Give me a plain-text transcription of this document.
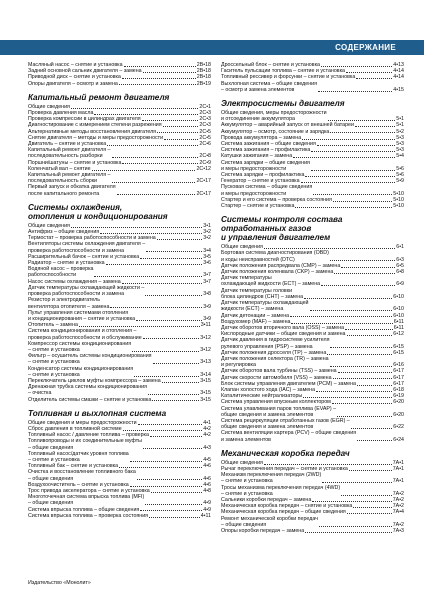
СОДЕРЖАНИЕ
Масляный насос – снятие и установка	2В•18
Задний основной сальник двигателя – замена	2В•18
Приводной диск – снятие и установка	2В•18
Опоры двигателя – осмотр и замена	2В•19
Капитальный ремонт двигателя
Общие сведения	2С•1
Проверка давления масла	2С•3
Проверка компрессии в цилиндрах двигателя	2С•3
Диагностирование с измерением степени разрежения	2С•3
Альтернативные методы восстановления двигателя	2С•5
Снятие двигателя – методы и меры предосторожности	2С•5
Двигатель – снятие и установка	2С•6
Капитальный ремонт двигателя –
последовательность разборки	2С•8
Поршни/шатуны – снятие и установка	2С•9
Коленчатый вал – снятие	2С•12
Капитальный ремонт двигателя –
последовательность сборки	2С•17
Первый запуск и обкатка двигателя
после капитального ремонта	2С•17
Системы охлаждения,
отопления и кондиционирования
Общие сведения	3•1
Антифриз – общие сведения	3•2
Термостат – проверка работоспособности и замена	3•2
Вентиляторы системы охлаждения двигателя –
проверка работоспособности и замена	3•4
Расширительный бачок – снятие и установка	3•5
Радиатор – снятие и установка	3•6
Водяной насос – проверка
работоспособности	3•7
Насос системы охлаждения – замена	3•7
Датчик температуры охлаждающей жидкости –
проверка работоспособности и замена	3•8
Резистор и электродвигатель
вентилятора отопителя – замена	3•9
Пульт управления системами отопления
и кондиционирования – снятие и установка	3•9
Отопитель – замена	3•11
Система кондиционирования и отопления –
проверка работоспособности и обслуживание	3•12
Компрессор системы кондиционирования
– снятие и установка	3•12
Фильтр – осушитель системы кондиционирования
– снятие и установка	3•13
Конденсатор системы кондиционирования
– снятие и установка	3•14
Переключатель циклов муфты компрессора – замена	3•15
Дренажная трубка системы кондиционирования
– очистка	3•15
Отделитель системы смазки – снятие и установка	3•15
Топливная и выхлопная система
Общие сведения и меры предосторожности	4•1
Сброс давления в топливной системе	4•2
Топливный насос / давление топлива – проверка	4•2
Топливопроводы и их соединительные муфты
– общие сведения	4•3
Топливный насос/датчик уровня топлива
– снятие и установка	4•5
Топливный бак – снятие и установка	4•6
Очистка и восстановление топливного бака
– общие сведения	4•6
Воздухоочиститель – снятие и установка	4•6
Трос привода акселератора – снятие и установка	4•8
Многоточечная система впрыска топлива (MFI)
– общие сведения	4•9
Система впрыска топлива – общие сведения	4•9
Система впрыска топлива – проверка состояния	4•11
Дроссельный блок – снятие и установка	4•13
Гаситель пульсации топлива – снятие и установка	4•14
Топливный рессивер и форсунки – снятие и установка	4•14
Выхлопная система – общие сведения
– осмотр и замена элементов	4•15
Электросистемы двигателя
Общие сведения, меры предосторожности
и отсоединение аккумулятора	5•1
Аккумулятор – аварийный запуск от внешней батареи	5•1
Аккумулятор – осмотр, состояние и зарядка	5•2
Провода аккумулятора – замена	5•3
Система зажигания – общие сведения	5•3
Система зажигания – профилактика	5•3
Катушки зажигания – замена	5•4
Система зарядки – общие сведения
и меры предосторожности	5•6
Система зарядки – профилактика	5•6
Генератор – снятие и установка	5•9
Пусковая система – общие сведения
и меры предосторожности	5•10
Стартер и его система – проверка состояния	5•10
Стартер – снятие и установка	5•10
Системы контроля состава
отработанных газов
и управления двигателем
Общие сведения	6•1
Бортовая система диагностирования (OBD)
и коды неисправностей (DTC)	6•3
Датчик положения распредвала (CMP) – замена	6•5
Датчик положения коленвала (CKP) – замена	6•8
Датчик температуры
охлаждающей жидкости (ECT) – замена	6•9
Датчик температуры головки
блока цилиндров (CHT) – замена	6•10
Датчик температуры охлаждающей
жидкости (ECT) – замена	6•10
Датчик детонации – замена	6•10
Воздухомер (MAF) – замена	6•11
Датчик оборотов вторичного вала (OSS) – замена	6•11
Кислородные датчики – общие сведения и замена	6•12
Датчик давления в гидросистеме усилителя
рулевого управления (PSP) – замена	6•15
Датчик положения дросселя (TP) – замена	6•15
Датчик положения селектора (TR) – замена
и регулировка	6•16
Датчик оборотов вала турбины (TSS) – замена	6•17
Датчик скорости автомобиля (VSS) – замена	6•17
Блок системы управления двигателем (PCM) – замена	6•17
Клапан холостого хода (IAC) – замена	6•18
Каталитические нейтрализаторы	6•19
Система управления впускным коллектором	6•20
Система улавливания паров топлива (EVAP) –
общие сведения и замена элементов	6•20
Система рециркуляции отработанных газов (EGR) –
общие сведения и замена элементов	6•22
Система вентиляции картера (PCV) – общие сведения
и замена элементов	6•24
Механическая коробка передач
Общие сведения	7А•1
Рычаг переключения передач – снятие и установка	7А•1
Механизм переключения передач (2WD)
– снятие и установка	7А•1
Тросы механизма переключения передач (4WD)
– снятие и установка	7А•2
Сальники коробки передач – замена	7А•2
Механическая коробка передач – снятие и установка	7А•2
Механическая коробка передач – общие сведения	7А•4
Ремонт механической коробки передач
– общие сведения	7А•2
Опоры коробки передач – замена	7А•3
Издательство «Монолит»
